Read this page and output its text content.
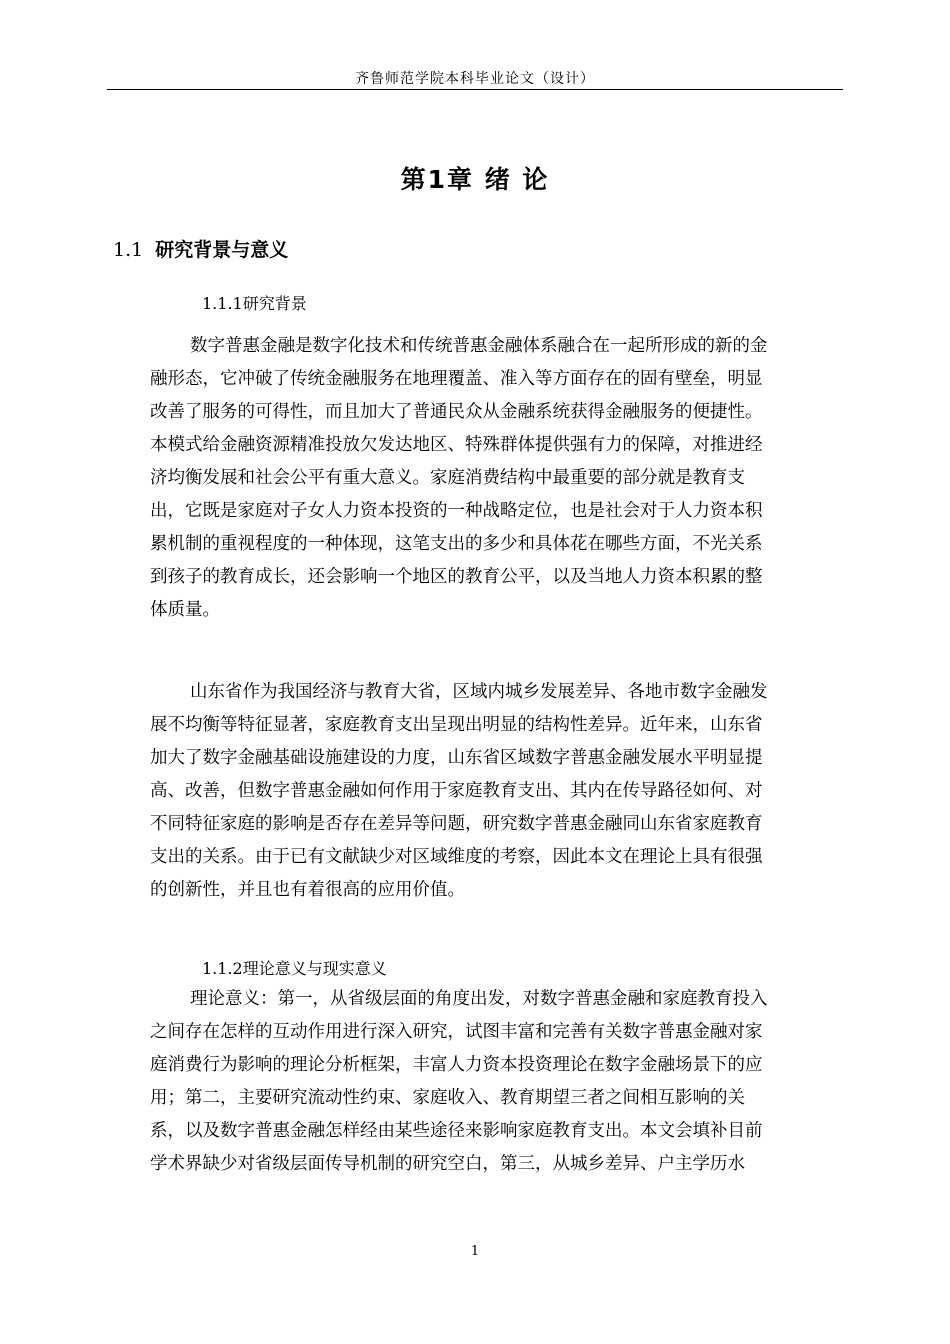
齐鲁师范学院本科毕业论文（设计）
第1章 绪 论
1.1 研究背景与意义
1.1.1研究背景
数字普惠金融是数字化技术和传统普惠金融体系融合在一起所形成的新的金
融形态，它冲破了传统金融服务在地理覆盖、准入等方面存在的固有壁垒，明显
改善了服务的可得性，而且加大了普通民众从金融系统获得金融服务的便捷性。
本模式给金融资源精准投放欠发达地区、特殊群体提供强有力的保障，对推进经
济均衡发展和社会公平有重大意义。家庭消费结构中最重要的部分就是教育支
出，它既是家庭对子女人力资本投资的一种战略定位，也是社会对于人力资本积
累机制的重视程度的一种体现，这笔支出的多少和具体花在哪些方面，不光关系
到孩子的教育成长，还会影响一个地区的教育公平，以及当地人力资本积累的整
体质量。
山东省作为我国经济与教育大省，区域内城乡发展差异、各地市数字金融发
展不均衡等特征显著，家庭教育支出呈现出明显的结构性差异。近年来，山东省
加大了数字金融基础设施建设的力度，山东省区域数字普惠金融发展水平明显提
高、改善，但数字普惠金融如何作用于家庭教育支出、其内在传导路径如何、对
不同特征家庭的影响是否存在差异等问题，研究数字普惠金融同山东省家庭教育
支出的关系。由于已有文献缺少对区域维度的考察，因此本文在理论上具有很强
的创新性，并且也有着很高的应用价值。
1.1.2理论意义与现实意义
理论意义：第一，从省级层面的角度出发，对数字普惠金融和家庭教育投入
之间存在怎样的互动作用进行深入研究，试图丰富和完善有关数字普惠金融对家
庭消费行为影响的理论分析框架，丰富人力资本投资理论在数字金融场景下的应
用；第二，主要研究流动性约束、家庭收入、教育期望三者之间相互影响的关
系，以及数字普惠金融怎样经由某些途径来影响家庭教育支出。本文会填补目前
学术界缺少对省级层面传导机制的研究空白，第三，从城乡差异、户主学历水
1
